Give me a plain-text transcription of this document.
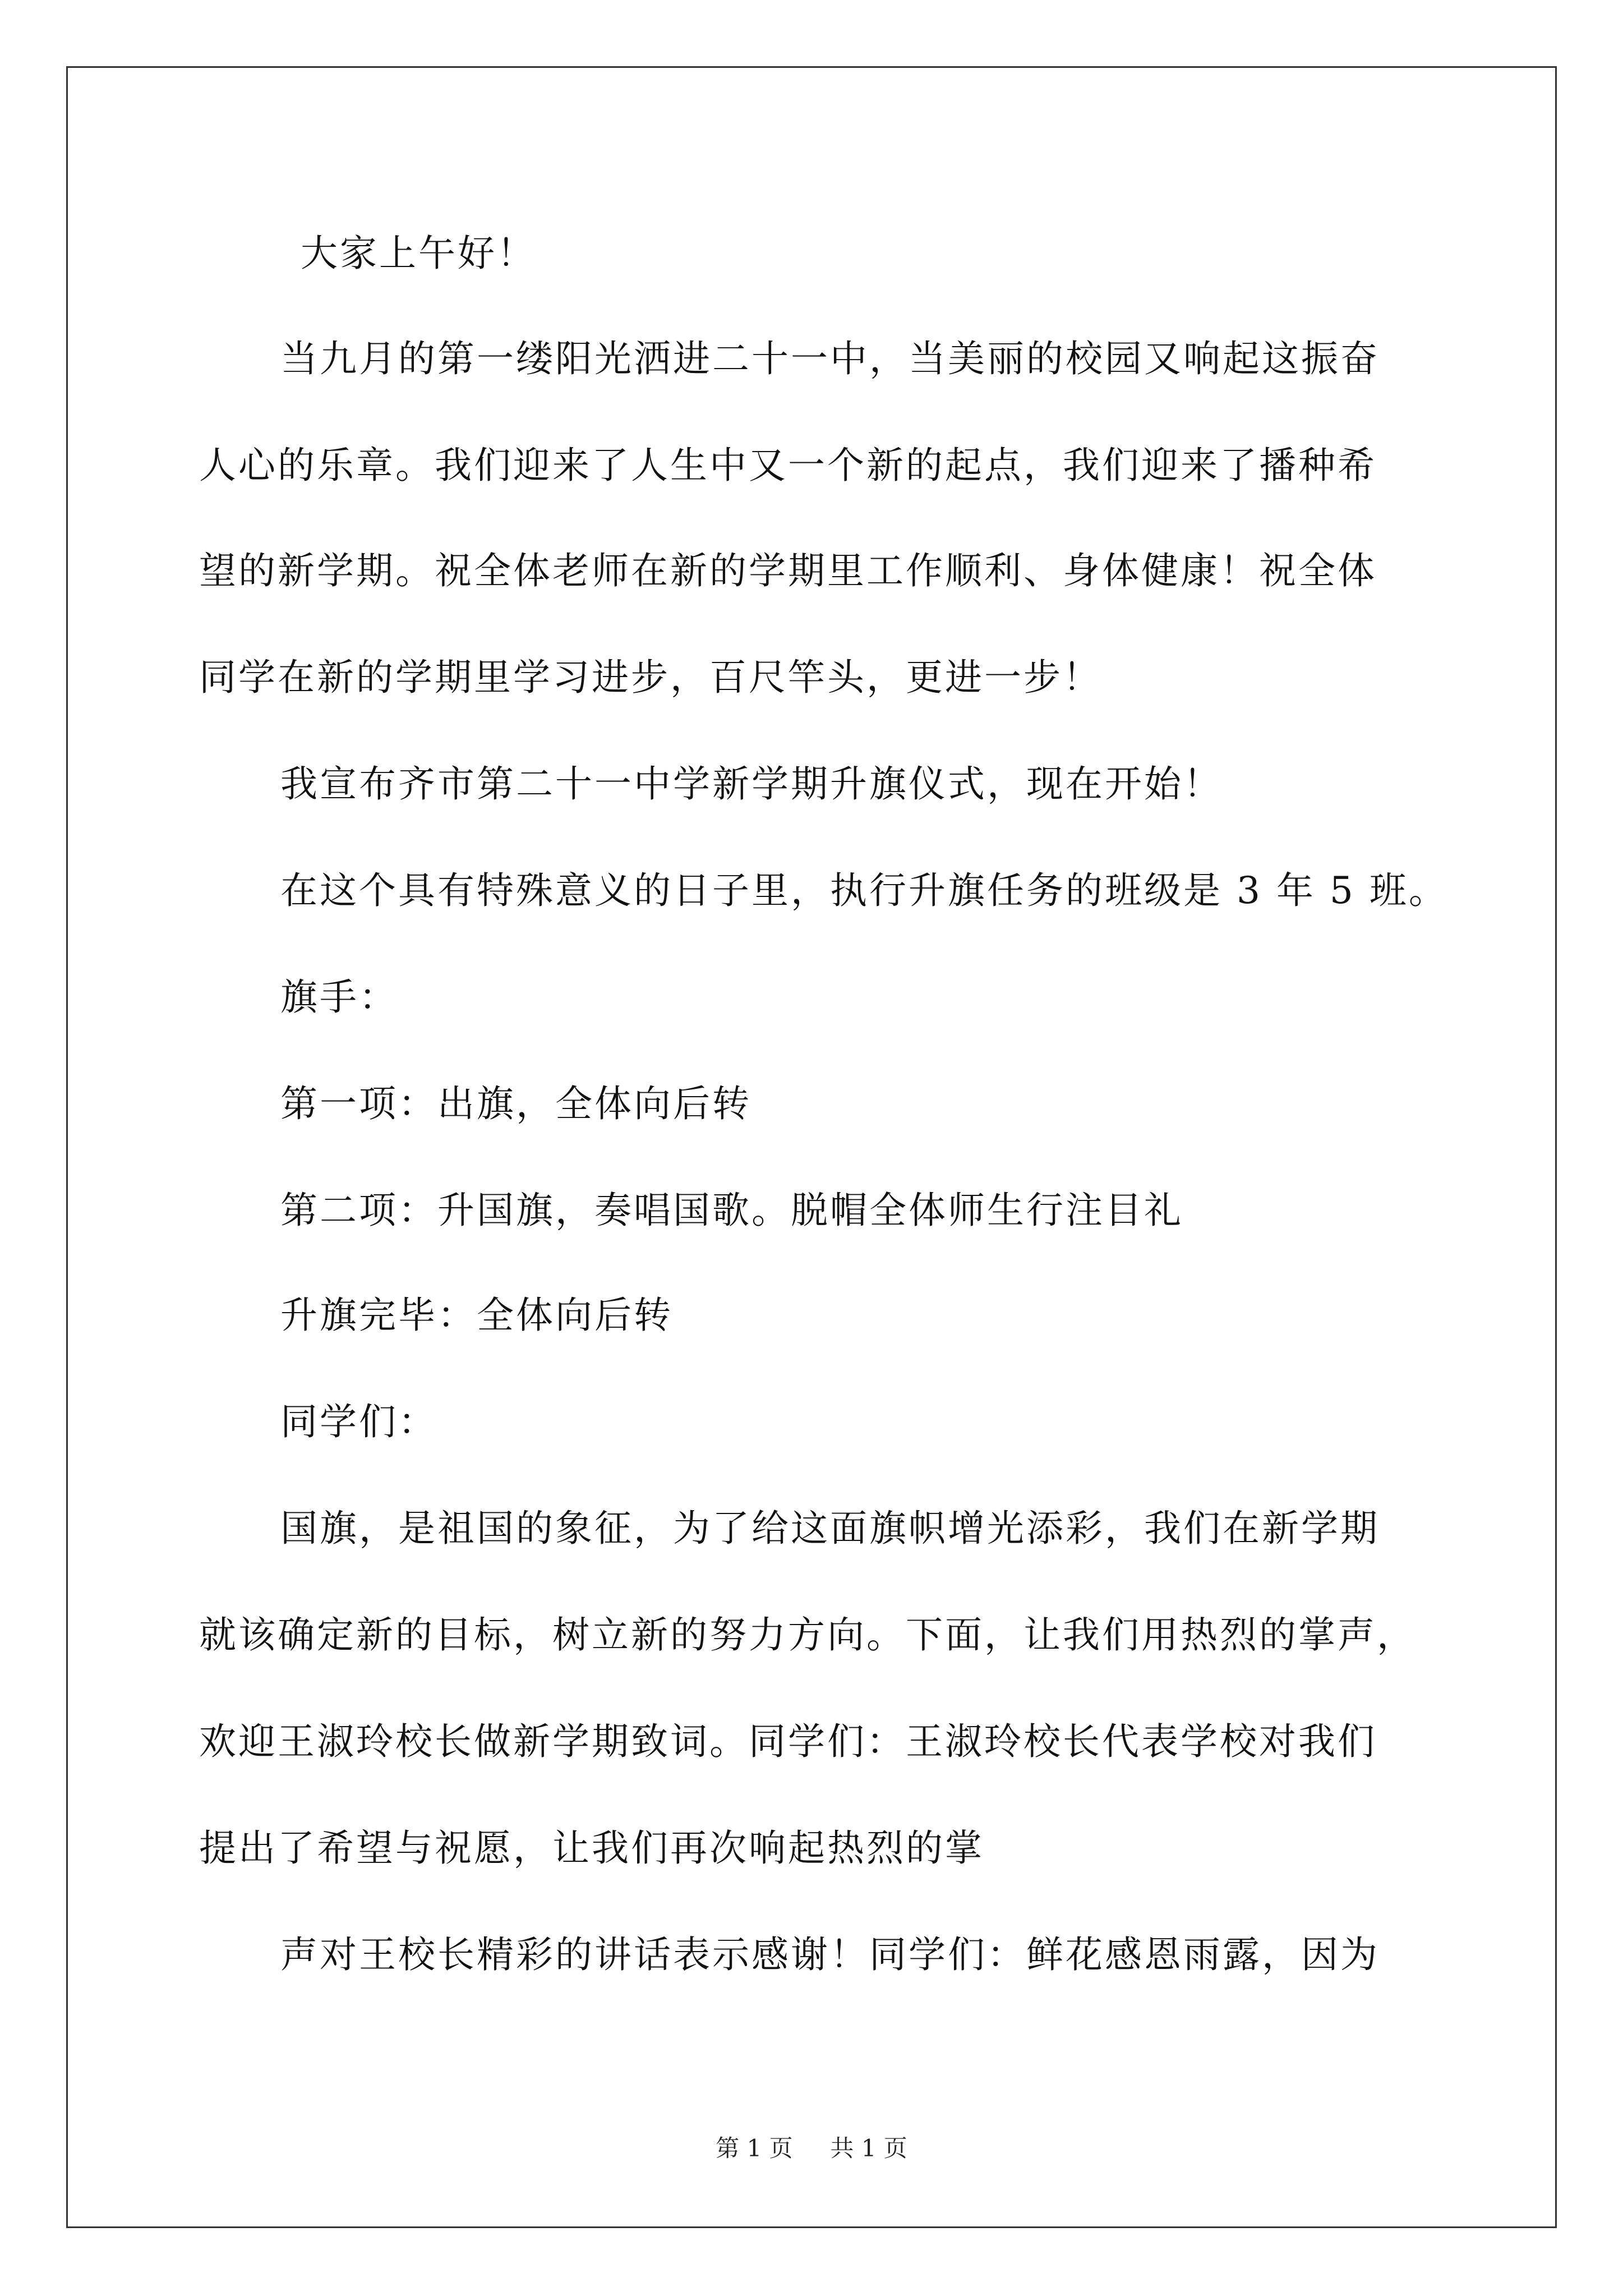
大家上午好！
当九月的第一缕阳光洒进二十一中，当美丽的校园又响起这振奋
人心的乐章。我们迎来了人生中又一个新的起点，我们迎来了播种希
望的新学期。祝全体老师在新的学期里工作顺利、身体健康！祝全体
同学在新的学期里学习进步，百尺竿头，更进一步！
我宣布齐市第二十一中学新学期升旗仪式，现在开始！
在这个具有特殊意义的日子里，执行升旗任务的班级是 3 年 5 班。
旗手：
第一项：出旗，全体向后转
第二项：升国旗，奏唱国歌。脱帽全体师生行注目礼
升旗完毕：全体向后转
同学们：
国旗，是祖国的象征，为了给这面旗帜增光添彩，我们在新学期
就该确定新的目标，树立新的努力方向。下面，让我们用热烈的掌声，
欢迎王淑玲校长做新学期致词。同学们：王淑玲校长代表学校对我们
提出了希望与祝愿，让我们再次响起热烈的掌
声对王校长精彩的讲话表示感谢！同学们：鲜花感恩雨露，因为
第 1 页 共 1 页
